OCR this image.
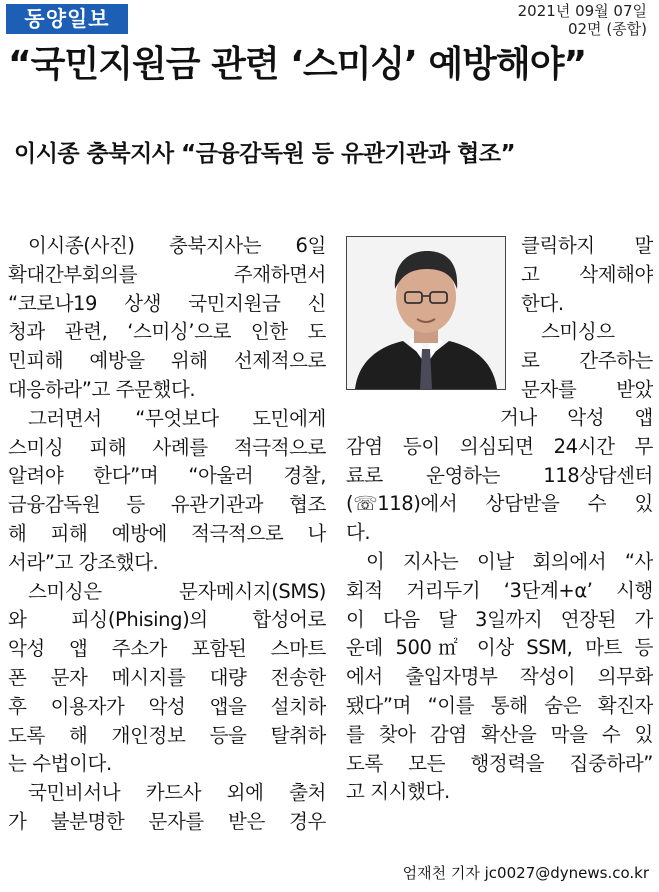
동양일보	2021년 09월 07일
02면 (종합)
“국민지원금 관련 ‘스미싱’ 예방해야”
이시종 충북지사 “금융감독원 등 유관기관과 협조”
이시종(사진) 충북지사는 6일
확대간부회의를 주재하면서
“코로나19 상생 국민지원금 신
청과 관련, ‘스미싱’으로 인한 도
민피해 예방을 위해 선제적으로
대응하라”고 주문했다.
그러면서 “무엇보다 도민에게
스미싱 피해 사례를 적극적으로
알려야 한다”며 “아울러 경찰,
금융감독원 등 유관기관과 협조
해 피해 예방에 적극적으로 나
서라”고 강조했다.
스미싱은 문자메시지(SMS)
와 피싱(Phising)의 합성어로
악성 앱 주소가 포함된 스마트
폰 문자 메시지를 대량 전송한
후 이용자가 악성 앱을 설치하
도록 해 개인정보 등을 탈취하
는 수법이다.
국민비서나 카드사 외에 출처
가 불분명한 문자를 받은 경우
클릭하지 말
고 삭제해야
한다.
스미싱으
로 간주하는
문자를 받았
거나 악성 앱
감염 등이 의심되면 24시간 무
료로 운영하는 118상담센터
(☏118)에서 상담받을 수 있
다.
이 지사는 이날 회의에서 “사
회적 거리두기 ‘3단계+α’ 시행
이 다음 달 3일까지 연장된 가
운데 500㎡ 이상 SSM, 마트 등
에서 출입자명부 작성이 의무화
됐다”며 “이를 통해 숨은 확진자
를 찾아 감염 확산을 막을 수 있
도록 모든 행정력을 집중하라”
고 지시했다.
엄재천 기자 jc0027@dynews.co.kr
